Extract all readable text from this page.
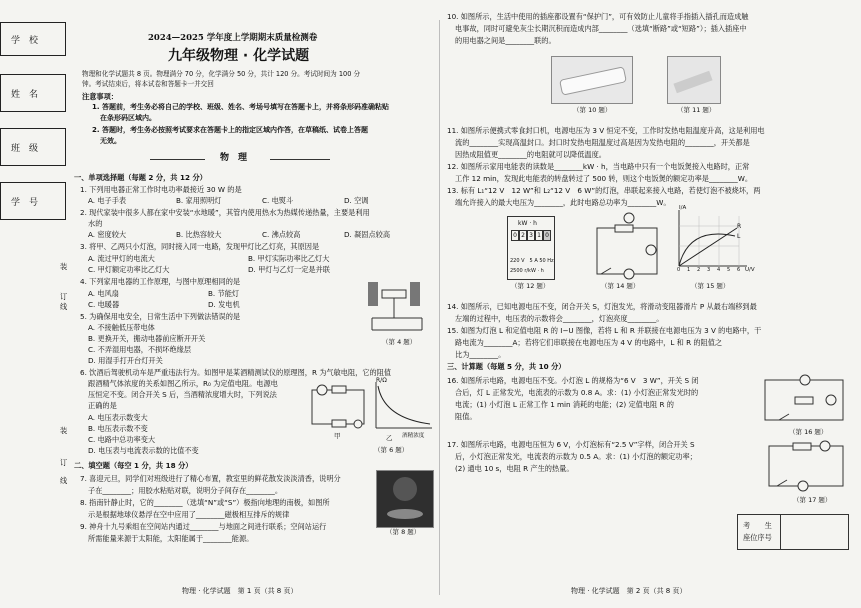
学　校
姓　名
班　级
学　号
装
订
线
装
订
线
2024—2025 学年度上学期期末质量检测卷
九年级物理 · 化学试题
物理和化学试题共 8 页。物理满分 70 分，化学满分 50 分，共计 120 分。考试时间为 100 分
钟。考试结束后，将本试卷和答题卡一并交回
注意事项：
1. 答题前，考生务必将自己的学校、班级、姓名、考场号填写在答题卡上，并将条形码准确粘贴
在条形码区域内。
2. 答题时，考生务必按照考试要求在答题卡上的指定区域内作答，在草稿纸、试卷上答题
无效。
物　理
一、单项选择题（每题 2 分，共 12 分）
1. 下列用电器正常工作时电功率最接近 30 W 的是
A. 电子手表	B. 家用照明灯	C. 电熨斗	D. 空调
2. 现代家装中很多人都在家中安装“水地暖”，其管内使用热水为热媒传递热量，主要是利用
水的
A. 密度较大	B. 比热容较大	C. 沸点较高	D. 凝固点较高
3. 将甲、乙两只小灯泡，同时接入同一电路，发现甲灯比乙灯亮，其原因是
A. 流过甲灯的电流大	B. 甲灯实际功率比乙灯大
C. 甲灯额定功率比乙灯大	D. 甲灯与乙灯一定是并联
4. 下列家用电器的工作原理，与图中原理相同的是
A. 电风扇	B. 节能灯
C. 电暖器	D. 发电机
（第 4 题）
5. 为确保用电安全，日常生活中下列做法错误的是
A. 不接触低压带电体
B. 更换开关，搬动电器前应断开开关
C. 不弄湿用电器，不损坏绝缘层
D. 用湿手打开台灯开关
6. 饮酒后驾驶机动车是严重违法行为。如图甲是某酒精测试仪的原理图，R 为气敏电阻，它的阻值
跟酒精气体浓度的关系如图乙所示，R₀ 为定值电阻。电源电
压恒定不变。闭合开关 S 后，当酒精浓度增大时，下列说法
正确的是
A. 电压表示数变大
B. 电压表示数不变
C. 电路中总功率变大
D. 电压表与电流表示数的比值不变
甲
R/Ω
乙 酒精浓度
（第 6 题）
二、填空题（每空 1 分，共 18 分）
7. 喜迎元旦，同学们对班级进行了精心布置，教室里的鲜花散发淡淡清香，说明分
子在________；用胶水粘贴对联，说明分子间存在________。
8. 指南针静止时，它的________（选填“N”或“S”）极指向地理的南极，如图所
示是根据地球仪悬浮在空中应用了________磁极相互排斥的规律
9. 神舟十九号乘组在空间站内通过________与地面之间进行联系；空间站运行
所需能量来源于太阳能，太阳能属于________能源。
（第 8 题）
物理 · 化学试题　第 1 页（共 8 页）
10. 如图所示，生活中使用的插座都设置有“保护门”，可有效防止儿童将手指插入插孔而造成触
电事故，同时可避免灰尘长期沉积而造成内部________（选填“断路”或“短路”）；插入插座中
的用电器之间是________联的。
（第 10 题）	（第 11 题）
11. 如图所示便携式零食封口机，电源电压为 3 V 恒定不变，工作时发热电阻温度升高，这是利用电
流的________实现高温封口。封口时发热电阻温度过高是因为发热电阻的________，开关都是
因热成阻值更________的电阻就可以降低温度。
12. 如图所示家用电能表的读数是________kW · h，当电路中只有一个电饭煲接入电路时，正常
工作 12 min，发现此电能表的转盘转过了 500 转，则这个电饭煲的额定功率是________W。
13. 标有 L₁“12 V　12 W”和 L₂“12 V　6 W”的灯泡，串联起来接入电路，若使灯泡不被烧坏，两
端允许接入的最大电压为________，此时电路总功率为________W。
kW · h
0 2 3 1 0
220 V　5 A 50 Hz
2500 r/kW · h
（第 12 题）	（第 14 题）
I/A
U/V
L
R
0 1 2 3 4 5 6
（第 15 题）
14. 如图所示，已知电源电压不变，闭合开关 S，灯泡发光，将滑动变阻器滑片 P 从最右端移到最
左端的过程中，电压表的示数将会________，灯泡亮度________。
15. 如图为灯泡 L 和定值电阻 R 的 I−U 图像，若将 L 和 R 并联接在电源电压为 3 V 的电路中，干
路电流为________A；若将它们串联接在电源电压为 4 V 的电路中，L 和 R 的阻值之
比为________。
三、计算题（每题 5 分，共 10 分）
16. 如图所示电路，电源电压不变。小灯泡 L 的规格为“6 V　3 W”，开关 S 闭
合后，灯 L 正常发光，电流表的示数为 0.8 A。求：(1) 小灯泡正常发光时的
电流；(1) 小灯泡 L 正常工作 1 min 消耗的电能；(2) 定值电阻 R 的
阻值。
（第 16 题）
17. 如图所示电路，电源电压恒为 6 V，小灯泡标有“2.5 V”字样，闭合开关 S
后，小灯泡正常发光，电流表的示数为 0.5 A。求：(1) 小灯泡的额定功率；
(2) 通电 10 s，电阻 R 产生的热量。
（第 17 题）
考　　生
座位序号
物理 · 化学试题　第 2 页（共 8 页）
